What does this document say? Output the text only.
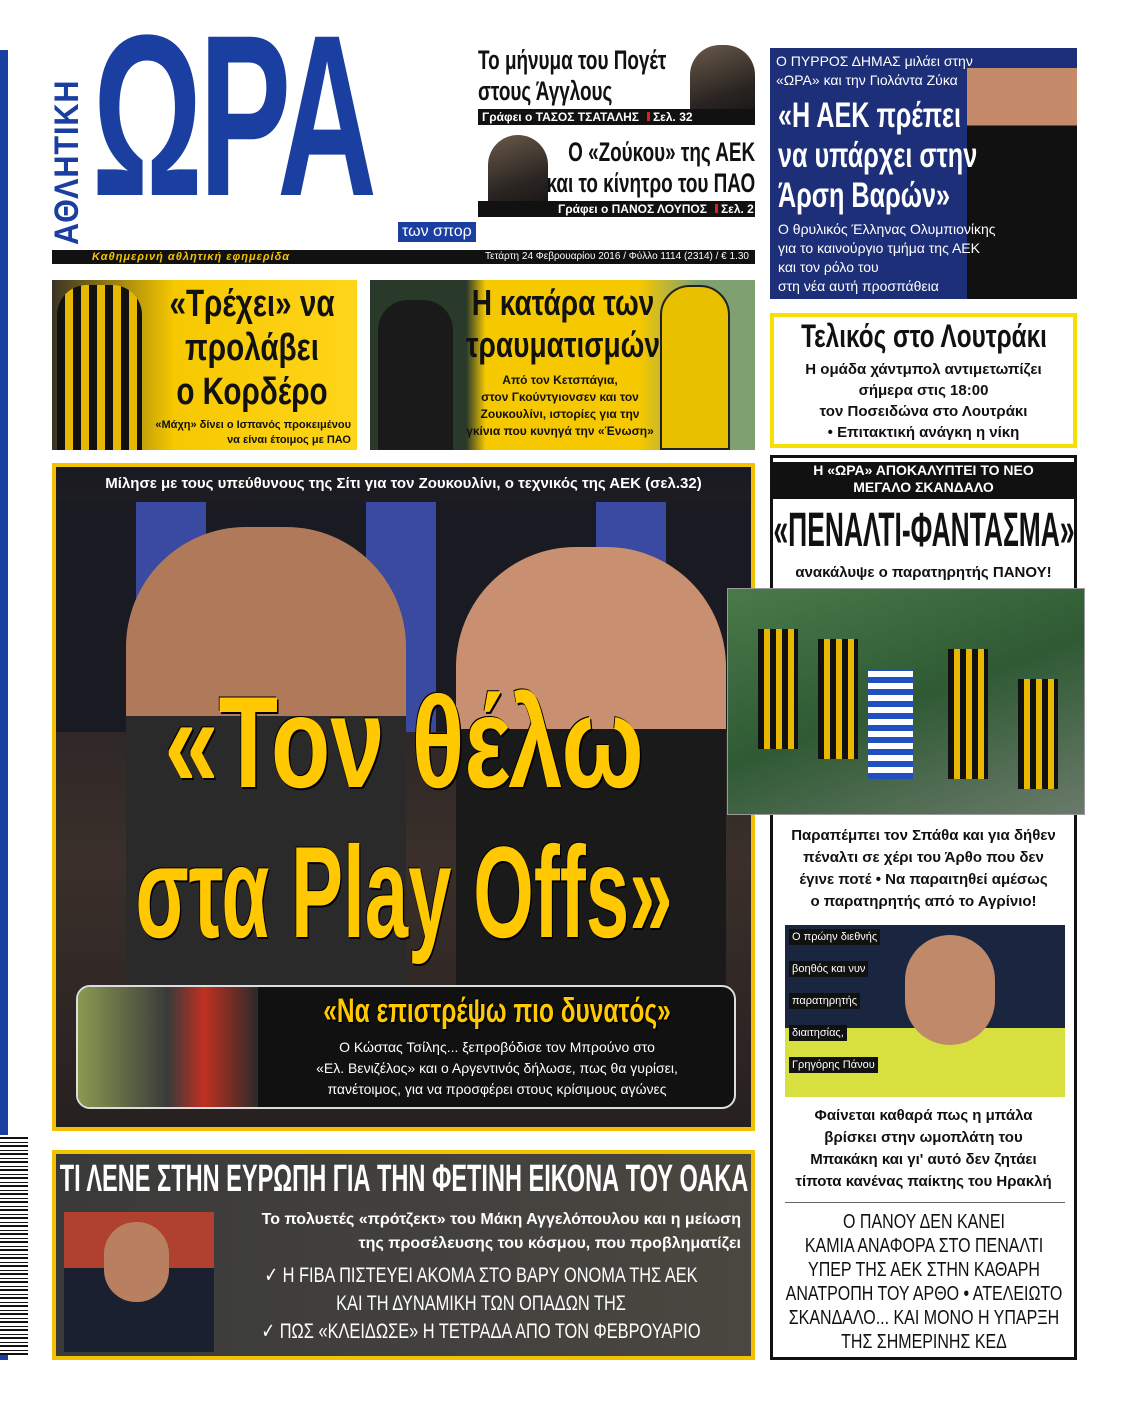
ΑΘΛΗΤΙΚΗ ΩΡΑ των σπορ
Το μήνυμα του Πογέτ
στους Άγγλους
Γράφει ο ΤΑΣΟΣ ΤΣΑΤΑΛΗΣ Σελ. 32
Ο «Ζούκου» της ΑΕΚ
και το κίνητρο του ΠΑΟ
Γράφει ο ΠΑΝΟΣ ΛΟΥΠΟΣ Σελ. 2
Καθημερινή αθλητική εφημερίδα	Τετάρτη 24 Φεβρουαρίου 2016 / Φύλλο 1114 (2314) / € 1.30
Ο ΠΥΡΡΟΣ ΔΗΜΑΣ μιλάει στην
«ΩΡΑ» και την Γιολάντα Ζύκα
«Η ΑΕΚ πρέπει
να υπάρχει στην
Άρση Βαρών»
Ο θρυλικός Έλληνας Ολυμπιονίκης
για το καινούργιο τμήμα της ΑΕΚ
και τον ρόλο του
στη νέα αυτή προσπάθεια
«Τρέχει» να
προλάβει
ο Κορδέρο
«Μάχη» δίνει ο Ισπανός προκειμένου
να είναι έτοιμος με ΠΑΟ
Η κατάρα των
τραυματισμών
Από τον Κετσπάγια,
στον Γκούντγιονσεν και τον
Ζουκουλίνι, ιστορίες για την
γκίνια που κυνηγά την «Ένωση»
Τελικός στο Λουτράκι
Η ομάδα χάντμπολ αντιμετωπίζει
σήμερα στις 18:00
τον Ποσειδώνα στο Λουτράκι
• Επιτακτική ανάγκη η νίκη
Μίλησε με τους υπεύθυνους της Σίτι για τον Ζουκουλίνι, ο τεχνικός της ΑΕΚ (σελ.32)
«Τον θέλω
στα Play Offs»
«Να επιστρέψω πιο δυνατός»
Ο Κώστας Τσίλης... ξεπροβόδισε τον Μπρούνο στο
«Ελ. Βενιζέλος» και ο Αργεντινός δήλωσε, πως θα γυρίσει,
πανέτοιμος, για να προσφέρει στους κρίσιμους αγώνες
Η «ΩΡΑ» ΑΠΟΚΑΛΥΠΤΕΙ ΤΟ ΝΕΟ
ΜΕΓΑΛΟ ΣΚΑΝΔΑΛΟ
«ΠΕΝΑΛΤΙ-ΦΑΝΤΑΣΜΑ»
ανακάλυψε ο παρατηρητής ΠΑΝΟΥ!
Παραπέμπει τον Σπάθα και για δήθεν
πέναλτι σε χέρι του Άρθο που δεν
έγινε ποτέ • Να παραιτηθεί αμέσως
ο παρατηρητής από το Αγρίνιο!
Ο πρώην διεθνής
βοηθός και νυν
παρατηρητής
διαιτησίας,
Γρηγόρης Πάνου
Φαίνεται καθαρά πως η μπάλα
βρίσκει στην ωμοπλάτη του
Μπακάκη και γι' αυτό δεν ζητάει
τίποτα κανένας παίκτης του Ηρακλή
Ο ΠΑΝΟΥ ΔΕΝ ΚΑΝΕΙ
ΚΑΜΙΑ ΑΝΑΦΟΡΑ ΣΤΟ ΠΕΝΑΛΤΙ
ΥΠΕΡ ΤΗΣ ΑΕΚ ΣΤΗΝ ΚΑΘΑΡΗ
ΑΝΑΤΡΟΠΗ ΤΟΥ ΑΡΘΟ • ΑΤΕΛΕΙΩΤΟ
ΣΚΑΝΔΑΛΟ... ΚΑΙ ΜΟΝΟ Η ΥΠΑΡΞΗ
ΤΗΣ ΣΗΜΕΡΙΝΗΣ ΚΕΔ
ΤΙ ΛΕΝΕ ΣΤΗΝ ΕΥΡΩΠΗ ΓΙΑ ΤΗΝ ΦΕΤΙΝΗ ΕΙΚΟΝΑ ΤΟΥ ΟΑΚΑ
Το πολυετές «πρότζεκτ» του Μάκη Αγγελόπουλου και η μείωση
της προσέλευσης του κόσμου, που προβληματίζει
✓ Η FIBA ΠΙΣΤΕΥΕΙ ΑΚΟΜΑ ΣΤΟ ΒΑΡΥ ΟΝΟΜΑ ΤΗΣ ΑΕΚ
ΚΑΙ ΤΗ ΔΥΝΑΜΙΚΗ ΤΩΝ ΟΠΑΔΩΝ ΤΗΣ
✓ ΠΩΣ «ΚΛΕΙΔΩΣΕ» Η ΤΕΤΡΑΔΑ ΑΠΟ ΤΟΝ ΦΕΒΡΟΥΑΡΙΟ
